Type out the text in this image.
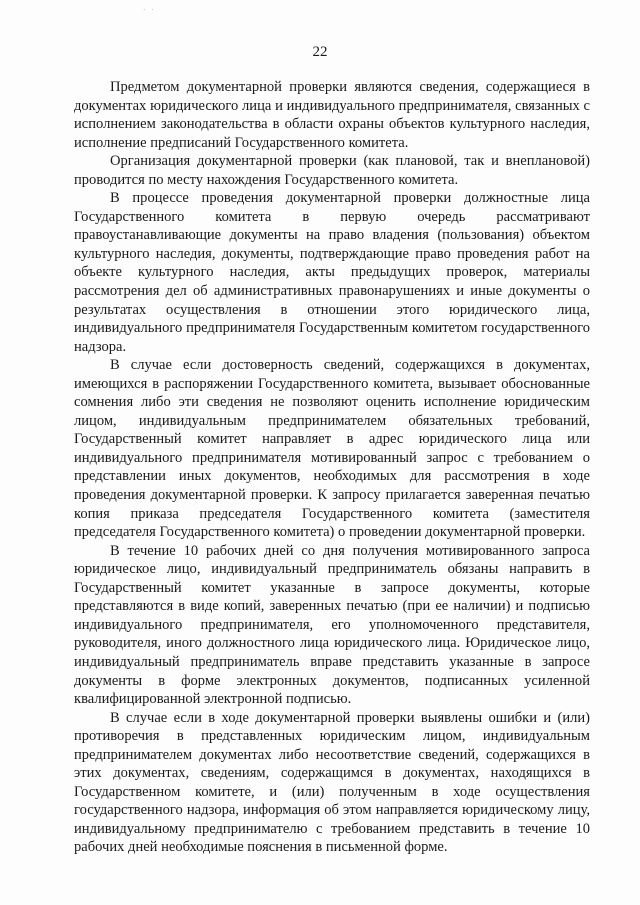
· ·
22

Предметом документарной проверки являются сведения, содержащиеся в документах юридического лица и индивидуального предпринимателя, связанных с исполнением законодательства в области охраны объектов культурного наследия, исполнение предписаний Государственного комитета.

Организация документарной проверки (как плановой, так и внеплановой) проводится по месту нахождения Государственного комитета.

В процессе проведения документарной проверки должностные лица Государственного комитета в первую очередь рассматривают правоустанавливающие документы на право владения (пользования) объектом культурного наследия, документы, подтверждающие право проведения работ на объекте культурного наследия, акты предыдущих проверок, материалы рассмотрения дел об административных правонарушениях и иные документы о результатах осуществления в отношении этого юридического лица, индивидуального предпринимателя Государственным комитетом государственного надзора.

В случае если достоверность сведений, содержащихся в документах, имеющихся в распоряжении Государственного комитета, вызывает обоснованные сомнения либо эти сведения не позволяют оценить исполнение юридическим лицом, индивидуальным предпринимателем обязательных требований, Государственный комитет направляет в адрес юридического лица или индивидуального предпринимателя мотивированный запрос с требованием о представлении иных документов, необходимых для рассмотрения в ходе проведения документарной проверки. К запросу прилагается заверенная печатью копия приказа председателя Государственного комитета (заместителя председателя Государственного комитета) о проведении документарной проверки.

В течение 10 рабочих дней со дня получения мотивированного запроса юридическое лицо, индивидуальный предприниматель обязаны направить в Государственный комитет указанные в запросе документы, которые представляются в виде копий, заверенных печатью (при ее наличии) и подписью индивидуального предпринимателя, его уполномоченного представителя, руководителя, иного должностного лица юридического лица. Юридическое лицо, индивидуальный предприниматель вправе представить указанные в запросе документы в форме электронных документов, подписанных усиленной квалифицированной электронной подписью.

В случае если в ходе документарной проверки выявлены ошибки и (или) противоречия в представленных юридическим лицом, индивидуальным предпринимателем документах либо несоответствие сведений, содержащихся в этих документах, сведениям, содержащимся в документах, находящихся в Государственном комитете, и (или) полученным в ходе осуществления государственного надзора, информация об этом направляется юридическому лицу, индивидуальному предпринимателю с требованием представить в течение 10 рабочих дней необходимые пояснения в письменной форме.
